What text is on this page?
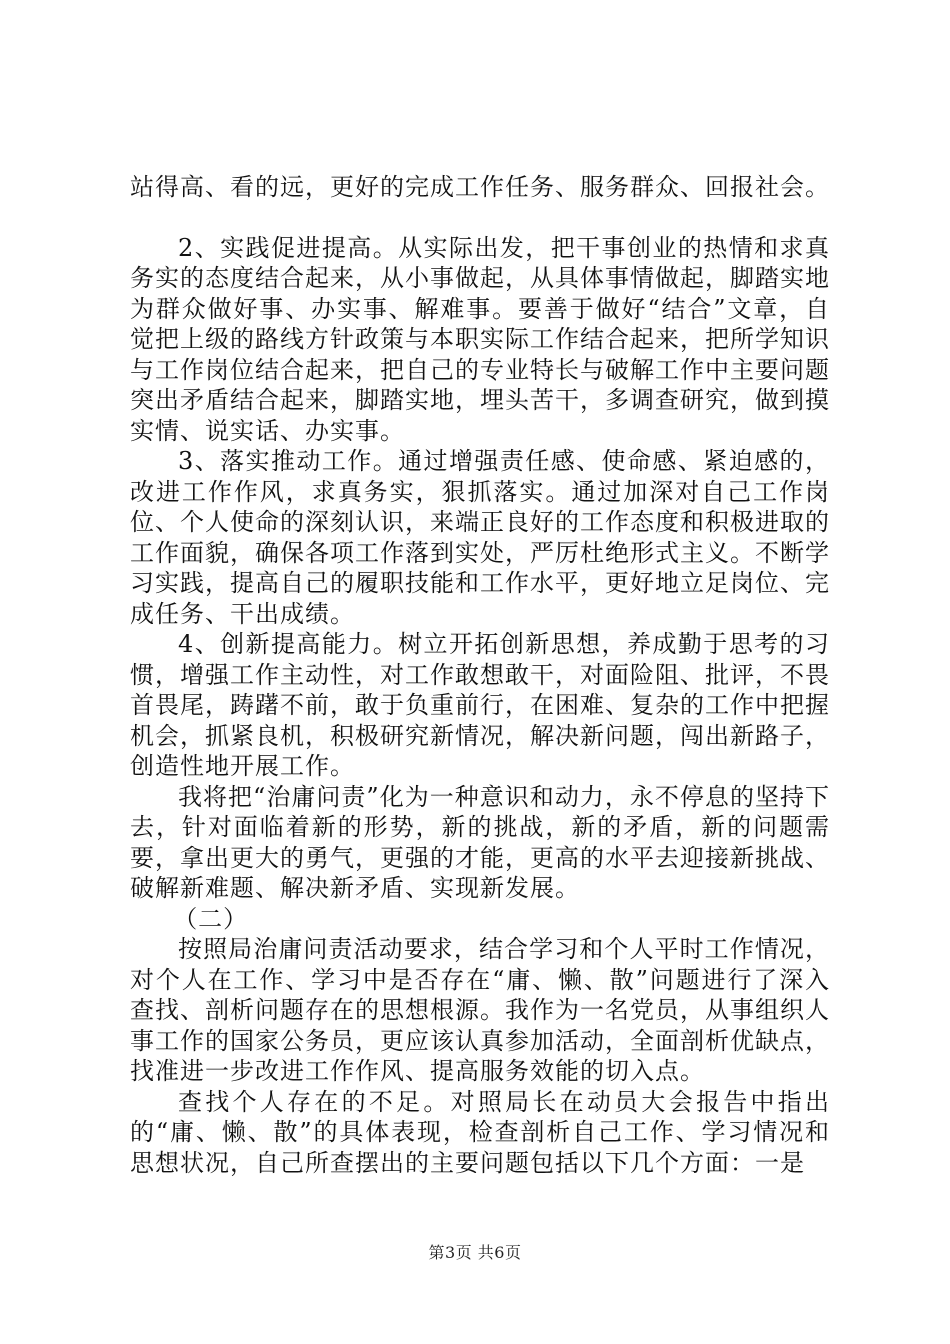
站得高、看的远，更好的完成工作任务、服务群众、回报社会。

2、实践促进提高。从实际出发，把干事创业的热情和求真务实的态度结合起来，从小事做起，从具体事情做起，脚踏实地为群众做好事、办实事、解难事。要善于做好“结合”文章，自觉把上级的路线方针政策与本职实际工作结合起来，把所学知识与工作岗位结合起来，把自己的专业特长与破解工作中主要问题突出矛盾结合起来，脚踏实地，埋头苦干，多调查研究，做到摸实情、说实话、办实事。

3、落实推动工作。通过增强责任感、使命感、紧迫感的，改进工作作风，求真务实，狠抓落实。通过加深对自己工作岗位、个人使命的深刻认识，来端正良好的工作态度和积极进取的工作面貌，确保各项工作落到实处，严厉杜绝形式主义。不断学习实践，提高自己的履职技能和工作水平，更好地立足岗位、完成任务、干出成绩。

4、创新提高能力。树立开拓创新思想，养成勤于思考的习惯，增强工作主动性，对工作敢想敢干，对面险阻、批评，不畏首畏尾，踌躇不前，敢于负重前行，在困难、复杂的工作中把握机会，抓紧良机，积极研究新情况，解决新问题，闯出新路子，创造性地开展工作。

我将把“治庸问责”化为一种意识和动力，永不停息的坚持下去，针对面临着新的形势，新的挑战，新的矛盾，新的问题需要，拿出更大的勇气，更强的才能，更高的水平去迎接新挑战、破解新难题、解决新矛盾、实现新发展。

（二）

按照局治庸问责活动要求，结合学习和个人平时工作情况，对个人在工作、学习中是否存在“庸、懒、散”问题进行了深入查找、剖析问题存在的思想根源。我作为一名党员，从事组织人事工作的国家公务员，更应该认真参加活动，全面剖析优缺点，找准进一步改进工作作风、提高服务效能的切入点。

查找个人存在的不足。对照局长在动员大会报告中指出的“庸、懒、散”的具体表现，检查剖析自己工作、学习情况和思想状况，自己所查摆出的主要问题包括以下几个方面：一是

第3页 共6页
